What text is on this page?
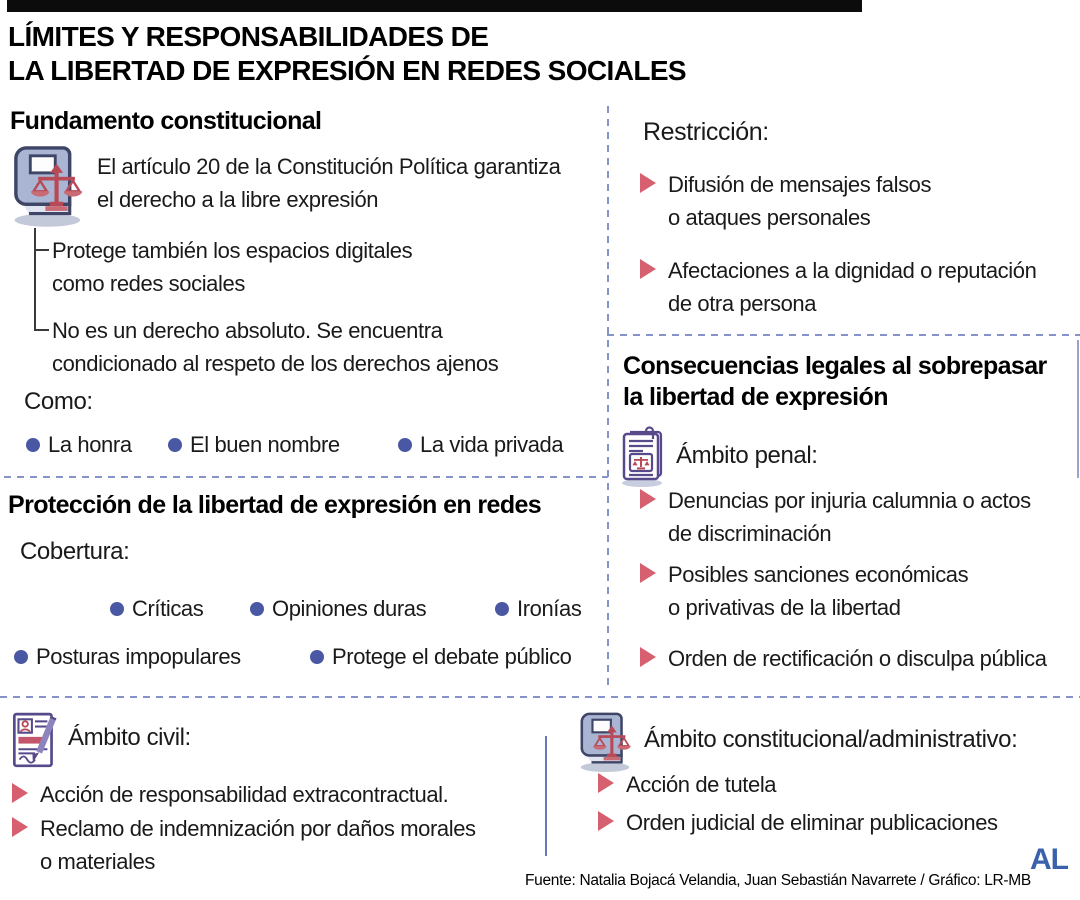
LÍMITES Y RESPONSABILIDADES DE
LA LIBERTAD DE EXPRESIÓN EN REDES SOCIALES
Fundamento constitucional
El artículo 20 de la Constitución Política garantiza
el derecho a la libre expresión
Protege también los espacios digitales
como redes sociales
No es un derecho absoluto. Se encuentra
condicionado al respeto de los derechos ajenos
Como:
La honra	El buen nombre	La vida privada
Restricción:
Difusión de mensajes falsos
o ataques personales
Afectaciones a la dignidad o reputación
de otra persona
Consecuencias legales al sobrepasar
la libertad de expresión
Ámbito penal:
Denuncias por injuria calumnia o actos
de discriminación
Posibles sanciones económicas
o privativas de la libertad
Orden de rectificación o disculpa pública
Protección de la libertad de expresión en redes
Cobertura:
Críticas	Opiniones duras	Ironías
Posturas impopulares	Protege el debate público
Ámbito civil:
Acción de responsabilidad extracontractual.
Reclamo de indemnización por daños morales
o materiales
Ámbito constitucional/administrativo:
Acción de tutela
Orden judicial de eliminar publicaciones
AL
Fuente: Natalia Bojacá Velandia, Juan Sebastián Navarrete / Gráfico: LR-MB
